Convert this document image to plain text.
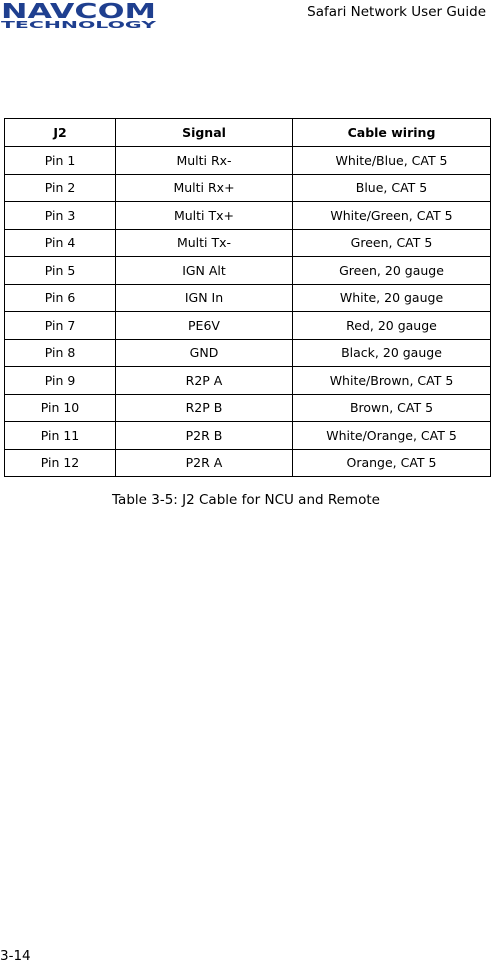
NAVCOM
TECHNOLOGY
Safari Network User Guide
J2	Signal	Cable wiring
Pin 1	Multi Rx-	White/Blue, CAT 5
Pin 2	Multi Rx+	Blue, CAT 5
Pin 3	Multi Tx+	White/Green, CAT 5
Pin 4	Multi Tx-	Green, CAT 5
Pin 5	IGN Alt	Green, 20 gauge
Pin 6	IGN In	White, 20 gauge
Pin 7	PE6V	Red, 20 gauge
Pin 8	GND	Black, 20 gauge
Pin 9	R2P A	White/Brown, CAT 5
Pin 10	R2P B	Brown, CAT 5
Pin 11	P2R B	White/Orange, CAT 5
Pin 12	P2R A	Orange, CAT 5
Table 3-5: J2 Cable for NCU and Remote
3-14
